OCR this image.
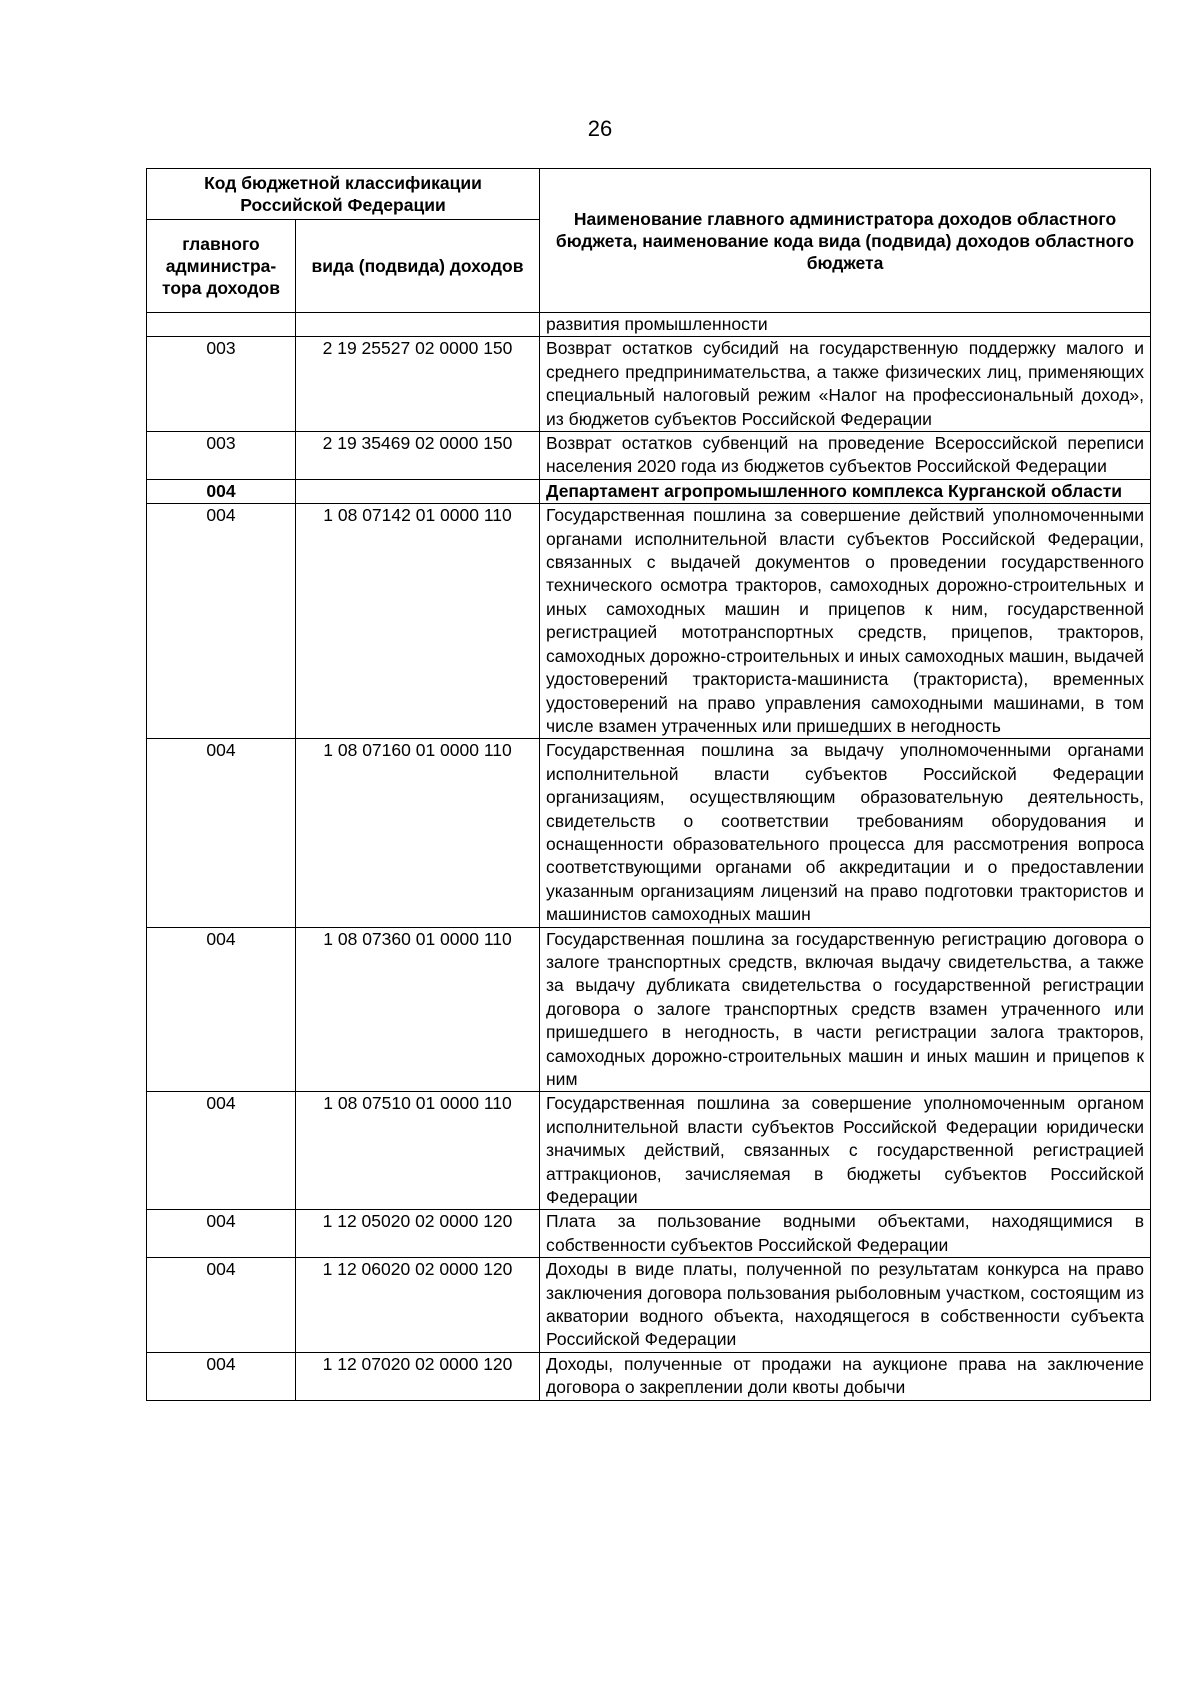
26
Код бюджетной классификации Российской Федерации		Наименование главного администратора доходов областного бюджета, наименование кода вида (подвида) доходов областного бюджета
главного администра-тора доходов	вида (подвида) доходов	
		развития промышленности
003	2 19 25527 02 0000 150	Возврат остатков субсидий на государственную поддержку малого и среднего предпринимательства, а также физических лиц, применяющих специальный налоговый режим «Налог на профессиональный доход», из бюджетов субъектов Российской Федерации
003	2 19 35469 02 0000 150	Возврат остатков субвенций на проведение Всероссийской переписи населения 2020 года из бюджетов субъектов Российской Федерации
004		Департамент агропромышленного комплекса Курганской области
004	1 08 07142 01 0000 110	Государственная пошлина за совершение действий уполномоченными органами исполнительной власти субъектов Российской Федерации, связанных с выдачей документов о проведении государственного технического осмотра тракторов, самоходных дорожно-строительных и иных самоходных машин и прицепов к ним, государственной регистрацией мототранспортных средств, прицепов, тракторов, самоходных дорожно-строительных и иных самоходных машин, выдачей удостоверений тракториста-машиниста (тракториста), временных удостоверений на право управления самоходными машинами, в том числе взамен утраченных или пришедших в негодность
004	1 08 07160 01 0000 110	Государственная пошлина за выдачу уполномоченными органами исполнительной власти субъектов Российской Федерации организациям, осуществляющим образовательную деятельность, свидетельств о соответствии требованиям оборудования и оснащенности образовательного процесса для рассмотрения вопроса соответствующими органами об аккредитации и о предоставлении указанным организациям лицензий на право подготовки трактористов и машинистов самоходных машин
004	1 08 07360 01 0000 110	Государственная пошлина за государственную регистрацию договора о залоге транспортных средств, включая выдачу свидетельства, а также за выдачу дубликата свидетельства о государственной регистрации договора о залоге транспортных средств взамен утраченного или пришедшего в негодность, в части регистрации залога тракторов, самоходных дорожно-строительных машин и иных машин и прицепов к ним
004	1 08 07510 01 0000 110	Государственная пошлина за совершение уполномоченным органом исполнительной власти субъектов Российской Федерации юридически значимых действий, связанных с государственной регистрацией аттракционов, зачисляемая в бюджеты субъектов Российской Федерации
004	1 12 05020 02 0000 120	Плата за пользование водными объектами, находящимися в собственности субъектов Российской Федерации
004	1 12 06020 02 0000 120	Доходы в виде платы, полученной по результатам конкурса на право заключения договора пользования рыболовным участком, состоящим из акватории водного объекта, находящегося в собственности субъекта Российской Федерации
004	1 12 07020 02 0000 120	Доходы, полученные от продажи на аукционе права на заключение договора о закреплении доли квоты добычи
